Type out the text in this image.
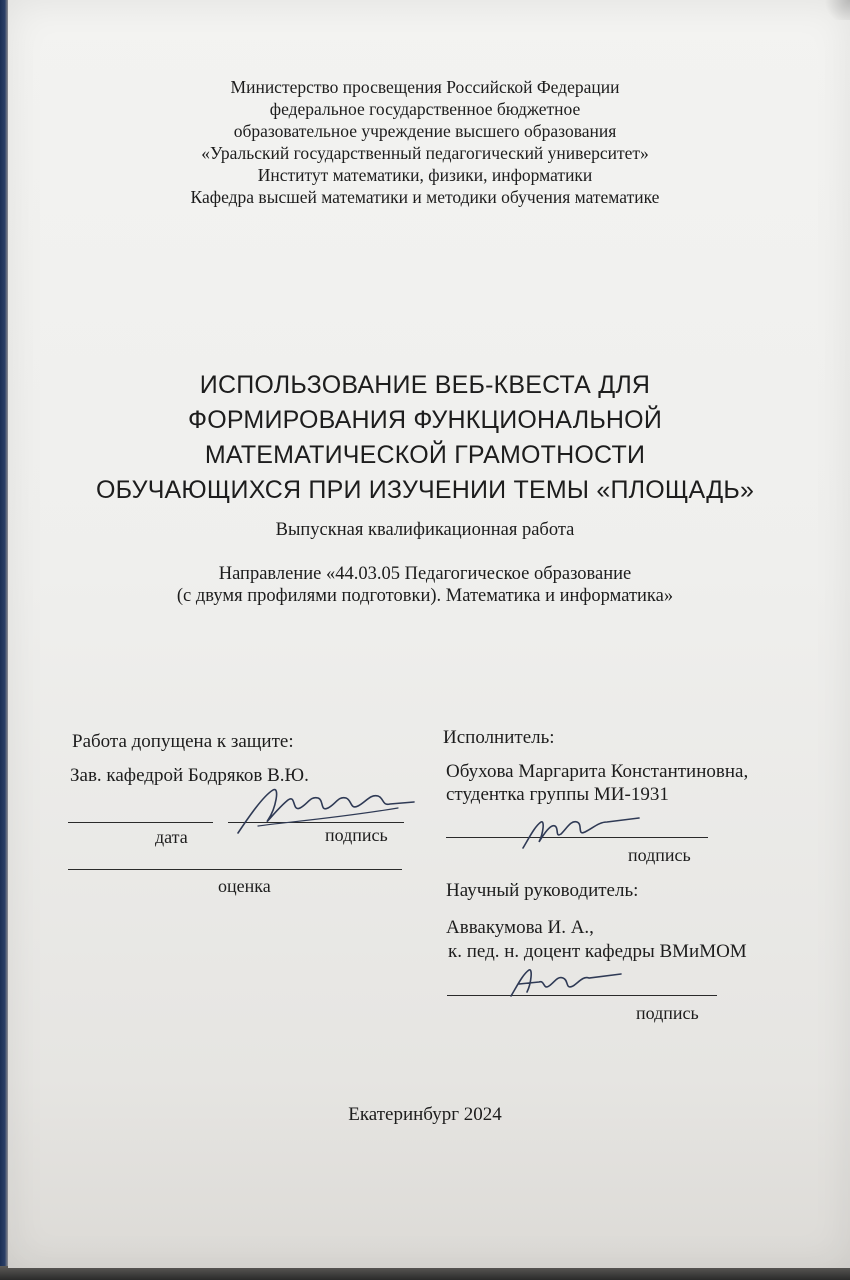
Министерство просвещения Российской Федерации
федеральное государственное бюджетное
образовательное учреждение высшего образования
«Уральский государственный педагогический университет»
Институт математики, физики, информатики
Кафедра высшей математики и методики обучения математике
ИСПОЛЬЗОВАНИЕ ВЕБ-КВЕСТА ДЛЯ
ФОРМИРОВАНИЯ ФУНКЦИОНАЛЬНОЙ
МАТЕМАТИЧЕСКОЙ ГРАМОТНОСТИ
ОБУЧАЮЩИХСЯ ПРИ ИЗУЧЕНИИ ТЕМЫ «ПЛОЩАДЬ»
Выпускная квалификационная работа
Направление «44.03.05 Педагогическое образование
(с двумя профилями подготовки). Математика и информатика»
Работа допущена к защите:
Зав. кафедрой Бодряков В.Ю.
дата	подпись
оценка
Исполнитель:
Обухова Маргарита Константиновна,
студентка группы МИ-1931
подпись
Научный руководитель:
Аввакумова И. А.,
к. пед. н. доцент кафедры ВМиМОМ
подпись
Екатеринбург 2024
